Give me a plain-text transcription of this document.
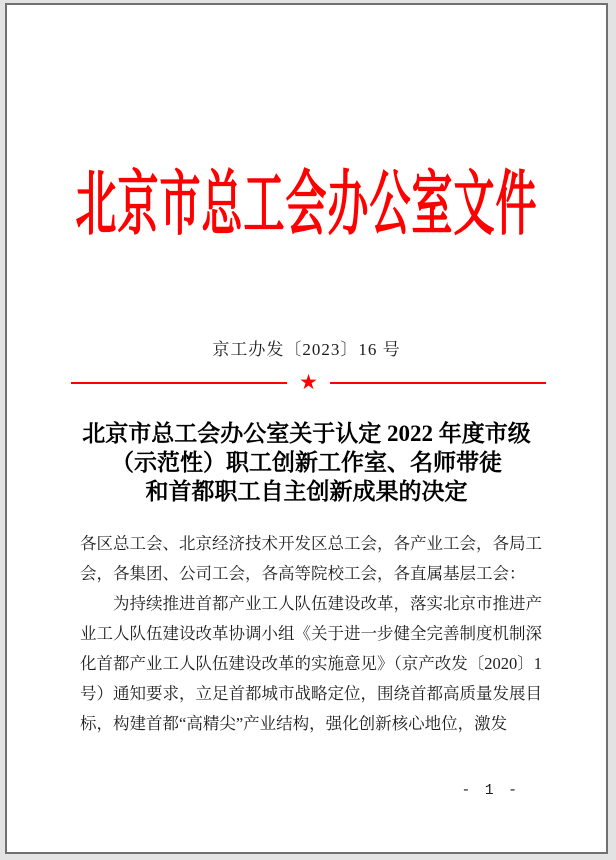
北京市总工会办公室文件
京工办发〔2023〕16 号
★
北京市总工会办公室关于认定 2022 年度市级
（示范性）职工创新工作室、名师带徒
和首都职工自主创新成果的决定

各区总工会、北京经济技术开发区总工会，各产业工会，各局工会，各集团、公司工会，各高等院校工会，各直属基层工会：

为持续推进首都产业工人队伍建设改革，落实北京市推进产业工人队伍建设改革协调小组《关于进一步健全完善制度机制深化首都产业工人队伍建设改革的实施意见》（京产改发〔2020〕1 号）通知要求，立足首都城市战略定位，围绕首都高质量发展目标，构建首都“高精尖”产业结构，强化创新核心地位，激发

- 1 -
